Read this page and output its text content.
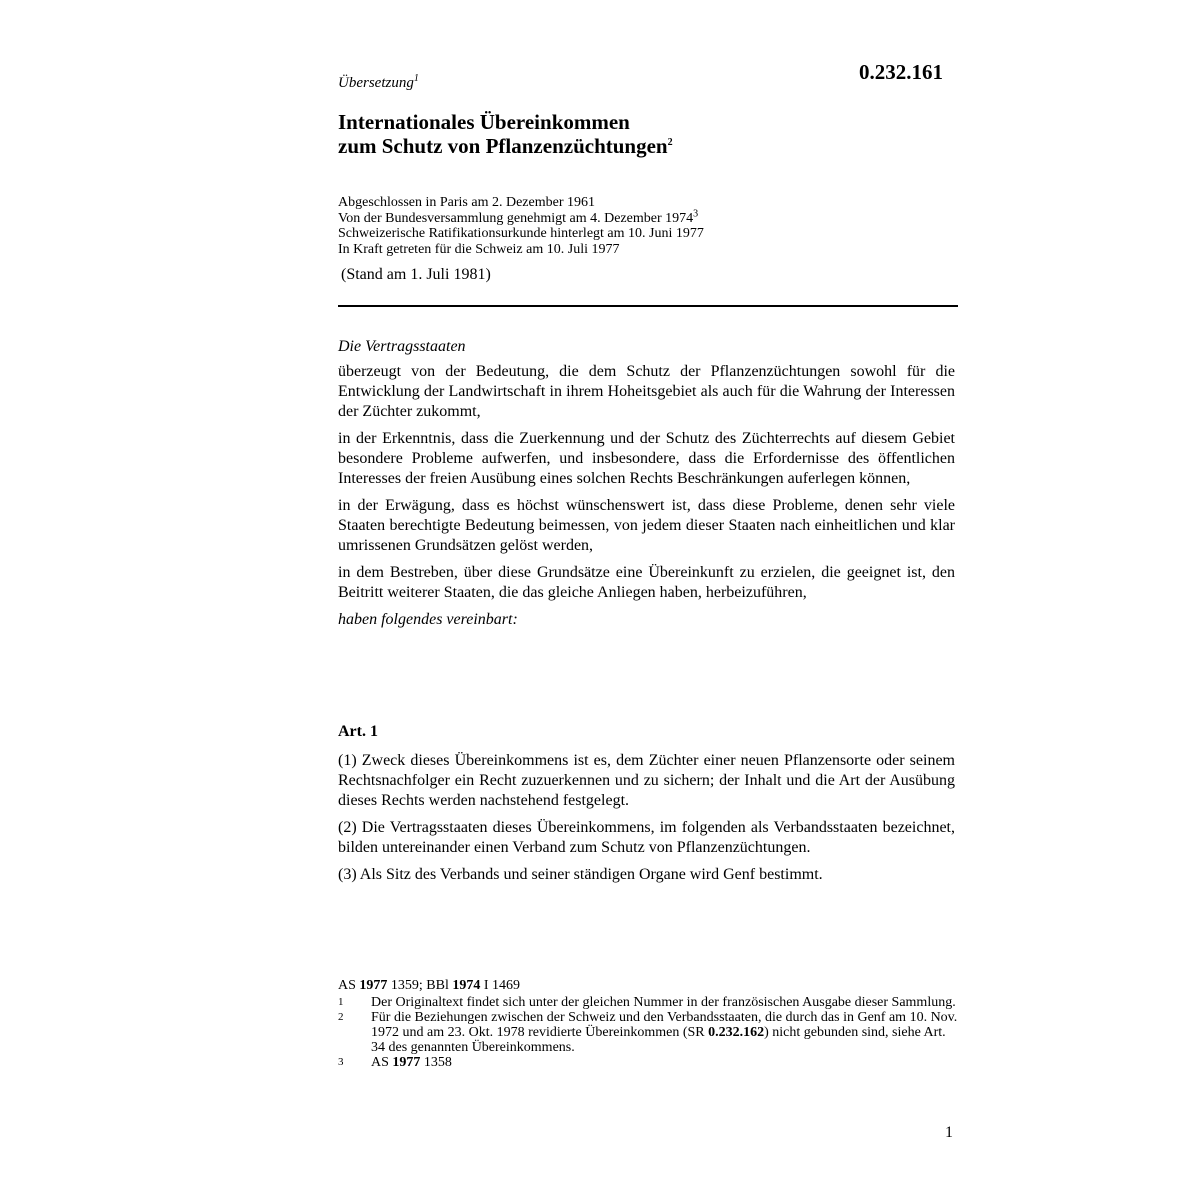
0.232.161
Übersetzung$^1$
Internationales Übereinkommen
zum Schutz von Pflanzenzüchtungen$^2$
Abgeschlossen in Paris am 2. Dezember 1961
Von der Bundesversammlung genehmigt am 4. Dezember 1974$^3$
Schweizerische Ratifikationsurkunde hinterlegt am 10. Juni 1977
In Kraft getreten für die Schweiz am 10. Juli 1977
(Stand am 1. Juli 1981)

Die Vertragsstaaten

überzeugt von der Bedeutung, die dem Schutz der Pflanzenzüchtungen sowohl für die Entwicklung der Landwirtschaft in ihrem Hoheitsgebiet als auch für die Wahrung der Interessen der Züchter zukommt,

in der Erkenntnis, dass die Zuerkennung und der Schutz des Züchterrechts auf diesem Gebiet besondere Probleme aufwerfen, und insbesondere, dass die Erfordernisse des öffentlichen Interesses der freien Ausübung eines solchen Rechts Beschränkungen auferlegen können,

in der Erwägung, dass es höchst wünschenswert ist, dass diese Probleme, denen sehr viele Staaten berechtigte Bedeutung beimessen, von jedem dieser Staaten nach einheitlichen und klar umrissenen Grundsätzen gelöst werden,

in dem Bestreben, über diese Grundsätze eine Übereinkunft zu erzielen, die geeignet ist, den Beitritt weiterer Staaten, die das gleiche Anliegen haben, herbeizuführen,

haben folgendes vereinbart:

Art. 1

(1) Zweck dieses Übereinkommens ist es, dem Züchter einer neuen Pflanzensorte oder seinem Rechtsnachfolger ein Recht zuzuerkennen und zu sichern; der Inhalt und die Art der Ausübung dieses Rechts werden nachstehend festgelegt.

(2) Die Vertragsstaaten dieses Übereinkommens, im folgenden als Verbandsstaaten bezeichnet, bilden untereinander einen Verband zum Schutz von Pflanzenzüchtungen.

(3) Als Sitz des Verbands und seiner ständigen Organe wird Genf bestimmt.

AS 1977 1359; BBl 1974 I 1469
1	Der Originaltext findet sich unter der gleichen Nummer in der französischen Ausgabe dieser Sammlung.
2	Für die Beziehungen zwischen der Schweiz und den Verbandsstaaten, die durch das in Genf am 10. Nov. 1972 und am 23. Okt. 1978 revidierte Übereinkommen (SR 0.232.162) nicht gebunden sind, siehe Art. 34 des genannten Übereinkommens.
3	AS 1977 1358
1
